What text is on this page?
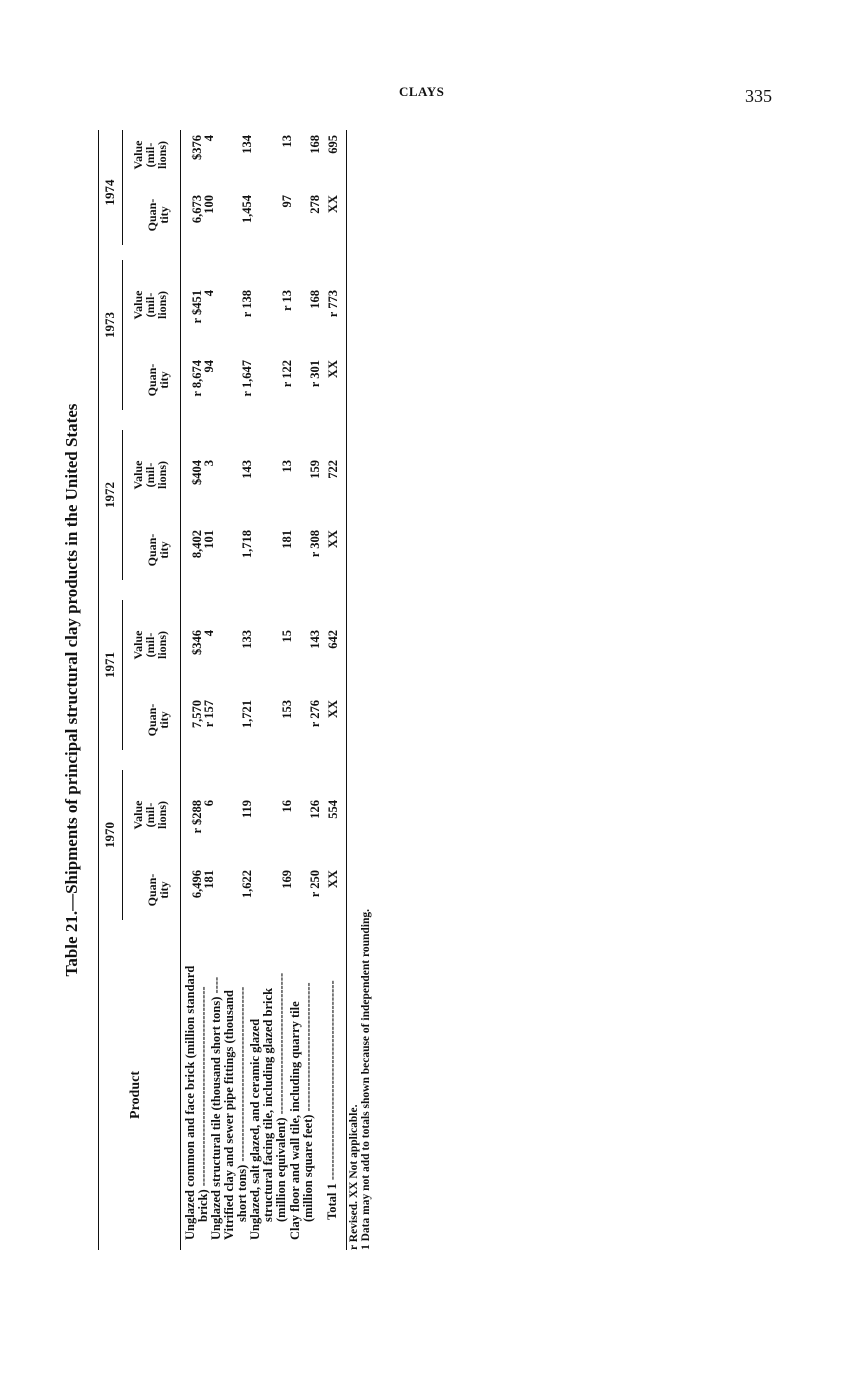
CLAYS	335
Table 21.—Shipments of principal structural clay products in the United States
Product
1970
1971
1972
1973
1974
Quan-
tity
Value
(mil-
lions)
Quan-
tity
Value
(mil-
lions)
Quan-
tity
Value
(mil-
lions)
Quan-
tity
Value
(mil-
lions)
Quan-
tity
Value
(mil-
lions)
Unglazed common and face brick (million standard brick) ------------------------------------------------
6,496
r $288
7,570
$346
8,402
$404
r 8,674
r $451
6,673
$376
Unglazed structural tile (thousand short tons) ----
181
6
r 157
4
101
3
94
4
100
4
Vitrified clay and sewer pipe fittings (thousand short tons) ------------------------------------------
1,622
119
1,721
133
1,718
143
r 1,647
r 138
1,454
134
Unglazed, salt glazed, and ceramic glazed structural facing tile, including glazed brick (million equivalent) ----------------------------------
169
16
153
15
181
13
r 122
r 13
97
13
Clay floor and wall tile, including quarry tile (million square feet) -------------------------------
r 250
126
r 276
143
r 308
159
r 301
168
278
168
Total 1 ------------------------------------------------
XX
554
XX
642
XX
722
XX
r 773
XX
695
r Revised. XX Not applicable. 1 Data may not add to totals shown because of independent rounding.
